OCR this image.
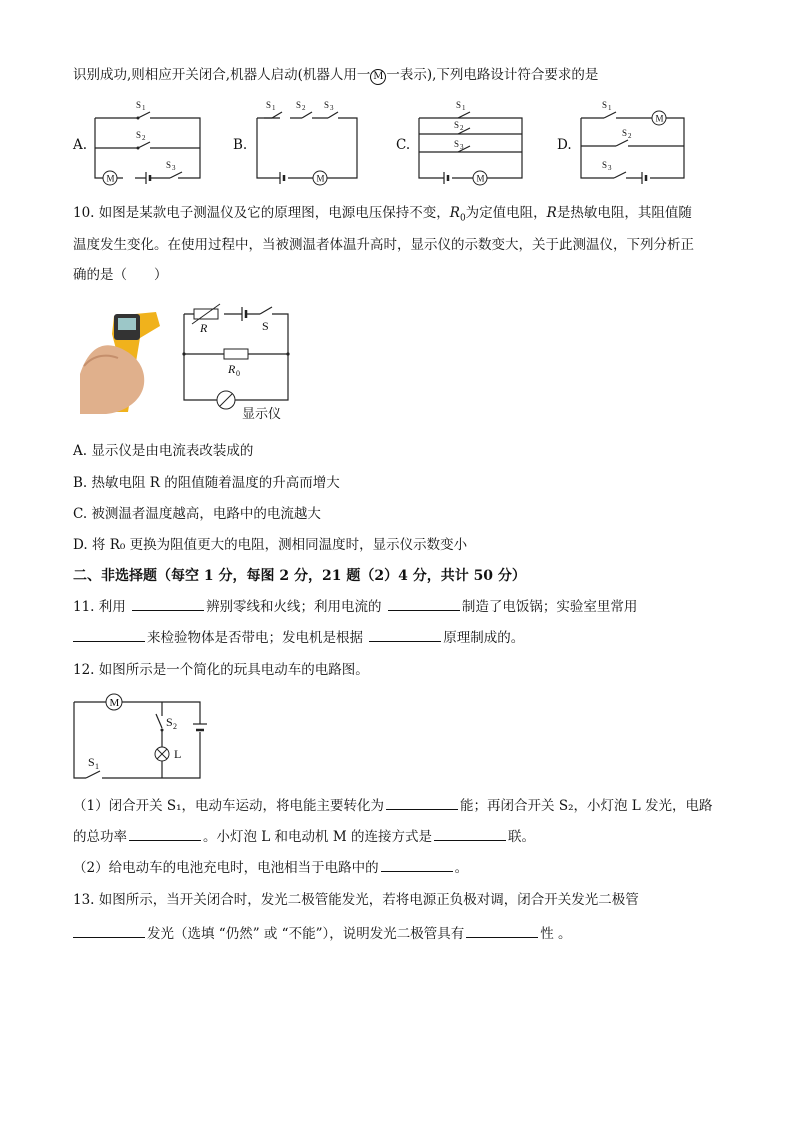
识别成功,则相应开关闭合,机器人启动(机器人用一 M 一表示),下列电路设计符合要求的是
A.	B.	C.	D.
M
S 1
S 2
S 3
M
S 1 S 2 S 3
M
S 1
S 2
S 3
M
S 1
S 2
S 3
10. 如图是某款电子测温仪及它的原理图，电源电压保持不变，$R_0$为定值电阻，R是热敏电阻，其阻值随
温度发生变化。在使用过程中，当被测温者体温升高时，显示仪的示数变大，关于此测温仪，下列分析正
确的是（　　）
R	S
R 0
显示仪
A. 显示仪是由电流表改装成的
B. 热敏电阻 R 的阻值随着温度的升高而增大
C. 被测温者温度越高，电路中的电流越大
D. 将 R₀ 更换为阻值更大的电阻，测相同温度时，显示仪示数变小
二、非选择题（每空 1 分，每图 2 分，21 题（2）4 分，共计 50 分）
11. 利用	辨别零线和火线；利用电流的	制造了电饭锅；实验室里常用
来检验物体是否带电；发电机是根据	原理制成的。
12. 如图所示是一个简化的玩具电动车的电路图。
M
S 2
L
S 1
（1）闭合开关 S₁，电动车运动，将电能主要转化为	能；再闭合开关 S₂，小灯泡 L 发光，电路
的总功率	。小灯泡 L 和电动机 M 的连接方式是	联。
（2）给电动车的电池充电时，电池相当于电路中的	。
13. 如图所示，当开关闭合时，发光二极管能发光，若将电源正负极对调，闭合开关发光二极管
发光（选填 “仍然” 或 “不能”），说明发光二极管具有	性 。
